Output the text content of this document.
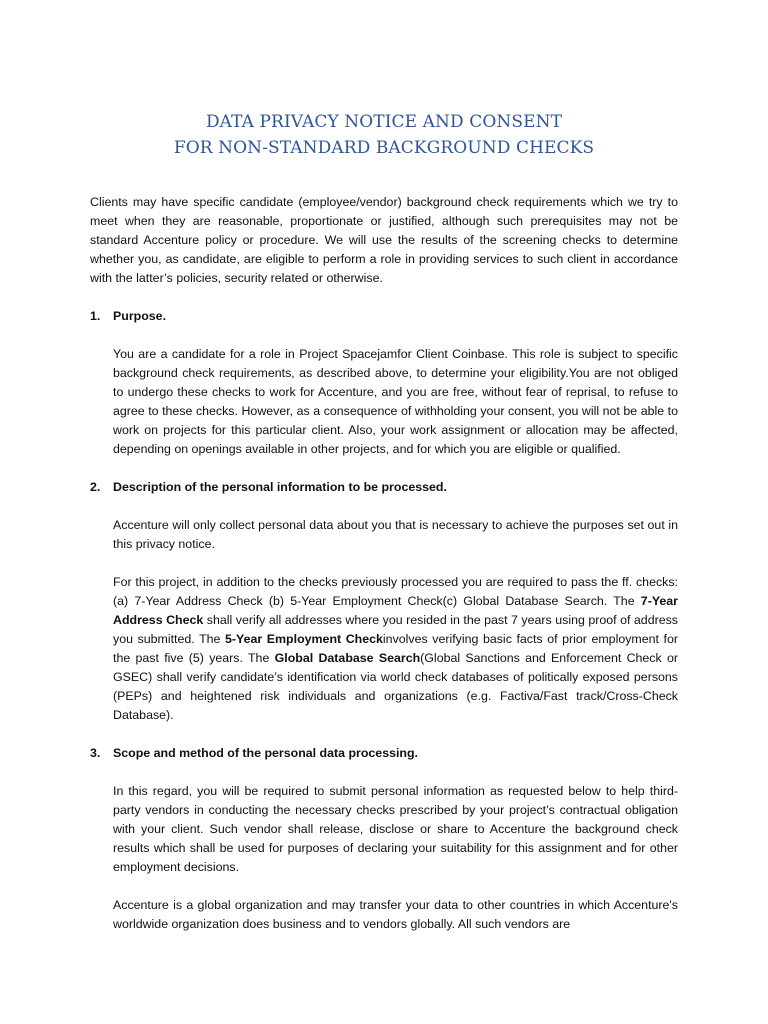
DATA PRIVACY NOTICE AND CONSENT
FOR NON-STANDARD BACKGROUND CHECKS

Clients may have specific candidate (employee/vendor) background check requirements which we try to meet when they are reasonable, proportionate or justified, although such prerequisites may not be standard Accenture policy or procedure. We will use the results of the screening checks to determine whether you, as candidate, are eligible to perform a role in providing services to such client in accordance with the latter’s policies, security related or otherwise.

1.	Purpose.

You are a candidate for a role in Project Spacejamfor Client Coinbase. This role is subject to specific background check requirements, as described above, to determine your eligibility.You are not obliged to undergo these checks to work for Accenture, and you are free, without fear of reprisal, to refuse to agree to these checks. However, as a consequence of withholding your consent, you will not be able to work on projects for this particular client. Also, your work assignment or allocation may be affected, depending on openings available in other projects, and for which you are eligible or qualified.

2.	Description of the personal information to be processed.

Accenture will only collect personal data about you that is necessary to achieve the purposes set out in this privacy notice.

For this project, in addition to the checks previously processed you are required to pass the ff. checks: (a) 7-Year Address Check (b) 5-Year Employment Check(c) Global Database Search. The 7-Year Address Check shall verify all addresses where you resided in the past 7 years using proof of address you submitted. The 5-Year Employment Checkinvolves verifying basic facts of prior employment for the past five (5) years. The Global Database Search(Global Sanctions and Enforcement Check or GSEC) shall verify candidate’s identification via world check databases of politically exposed persons (PEPs) and heightened risk individuals and organizations (e.g. Factiva/Fast track/Cross-Check Database).

3.	Scope and method of the personal data processing.

In this regard, you will be required to submit personal information as requested below to help third-party vendors in conducting the necessary checks prescribed by your project’s contractual obligation with your client. Such vendor shall release, disclose or share to Accenture the background check results which shall be used for purposes of declaring your suitability for this assignment and for other employment decisions.

Accenture is a global organization and may transfer your data to other countries in which Accenture's worldwide organization does business and to vendors globally. All such vendors are
